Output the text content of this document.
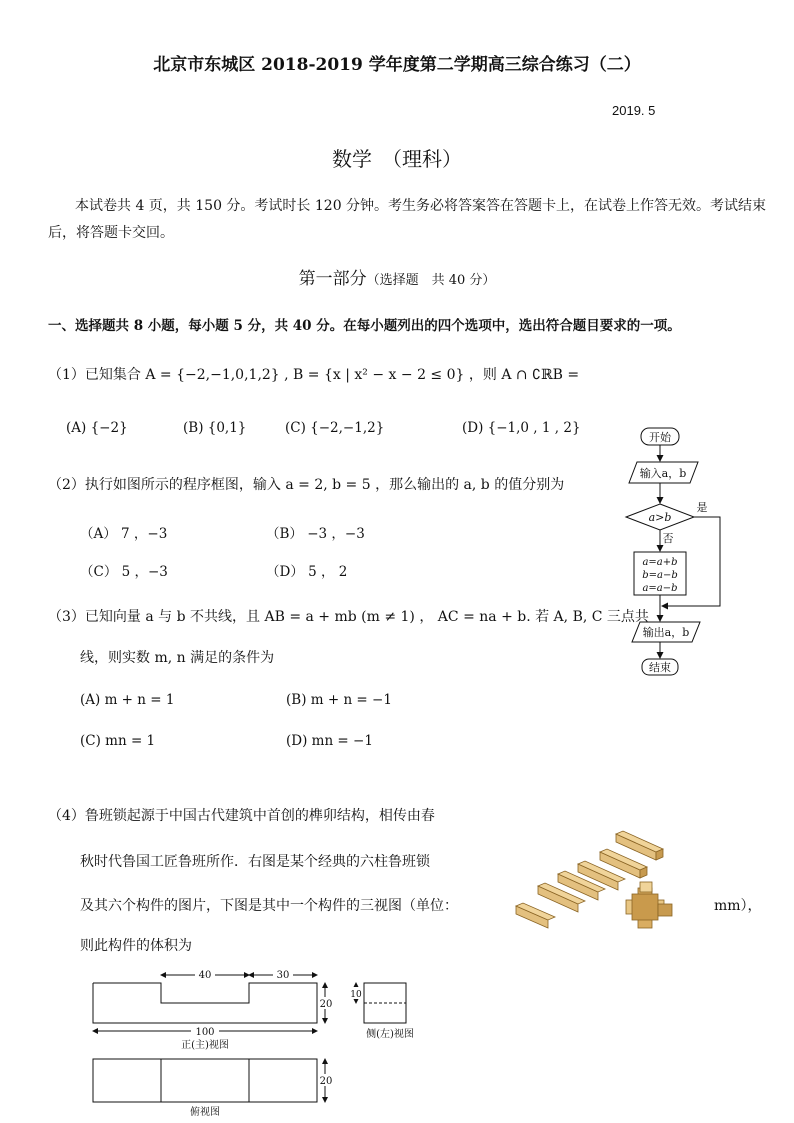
北京市东城区 2018-2019 学年度第二学期高三综合练习（二）
2019. 5
数学　（理科）
本试卷共 4 页，共 150 分。考试时长 120 分钟。考生务必将答案答在答题卡上，在试卷上作答无效。考试结束
后，将答题卡交回。
第一部分（选择题　共 40 分）
一、选择题共 8 小题，每小题 5 分，共 40 分。在每小题列出的四个选项中，选出符合题目要求的一项。
（1）已知集合 A = {−2,−1,0,1,2} , B = {x | x² − x − 2 ≤ 0} ，则 A ∩ ∁ℝB =
(A) {−2}	(B) {0,1}	(C) {−2,−1,2}	(D) {−1,0 , 1 , 2}
（2）执行如图所示的程序框图，输入 a = 2, b = 5 ，那么输出的 a, b 的值分别为
（A） 7 ，−3	（B） −3 ，−3
（C） 5 ，−3	（D） 5 ， 2
开始
输入a，b
a>b
是
否
a=a+b
b=a−b
a=a−b
输出a，b
结束
（3）已知向量 a 与 b 不共线，且 AB = a + mb (m ≠ 1) ， AC = na + b. 若 A, B, C 三点共
线，则实数 m, n 满足的条件为
(A) m + n = 1	(B) m + n = −1
(C) mn = 1	(D) mn = −1
（4）鲁班锁起源于中国古代建筑中首创的榫卯结构，相传由春
秋时代鲁国工匠鲁班所作．右图是某个经典的六柱鲁班锁
及其六个构件的图片，下图是其中一个构件的三视图（单位：	mm），
则此构件的体积为
40	30
100
20
10
20
正(主)视图
侧(左)视图
俯视图
